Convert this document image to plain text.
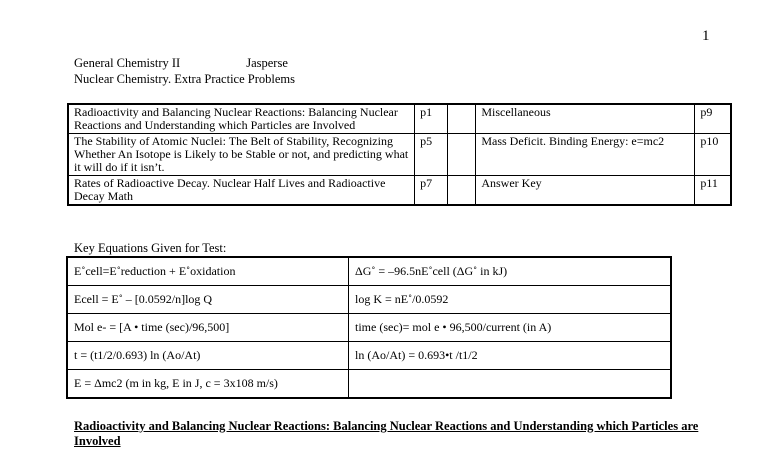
1
General Chemistry II	Jasperse
Nuclear Chemistry. Extra Practice Problems
Radioactivity and Balancing Nuclear Reactions: Balancing Nuclear Reactions and Understanding which Particles are Involved	p1		Miscellaneous	p9
The Stability of Atomic Nuclei: The Belt of Stability, Recognizing Whether An Isotope is Likely to be Stable or not, and predicting what it will do if it isn’t.	p5		Mass Deficit. Binding Energy: e=mc2	p10
Rates of Radioactive Decay. Nuclear Half Lives and Radioactive Decay Math	p7		Answer Key	p11
Key Equations Given for Test:
E˚cell=E˚reduction + E˚oxidation	ΔG˚ = –96.5nE˚cell (ΔG˚ in kJ)
Ecell = E˚ – [0.0592/n]log Q	log K = nE˚/0.0592
Mol e- = [A • time (sec)/96,500]	time (sec)= mol e • 96,500/current (in A)
t = (t1/2/0.693) ln (Ao/At)	ln (Ao/At) = 0.693•t /t1/2
E = Δmc2 (m in kg, E in J, c = 3x108 m/s)	
Radioactivity and Balancing Nuclear Reactions: Balancing Nuclear Reactions and Understanding which Particles are Involved
